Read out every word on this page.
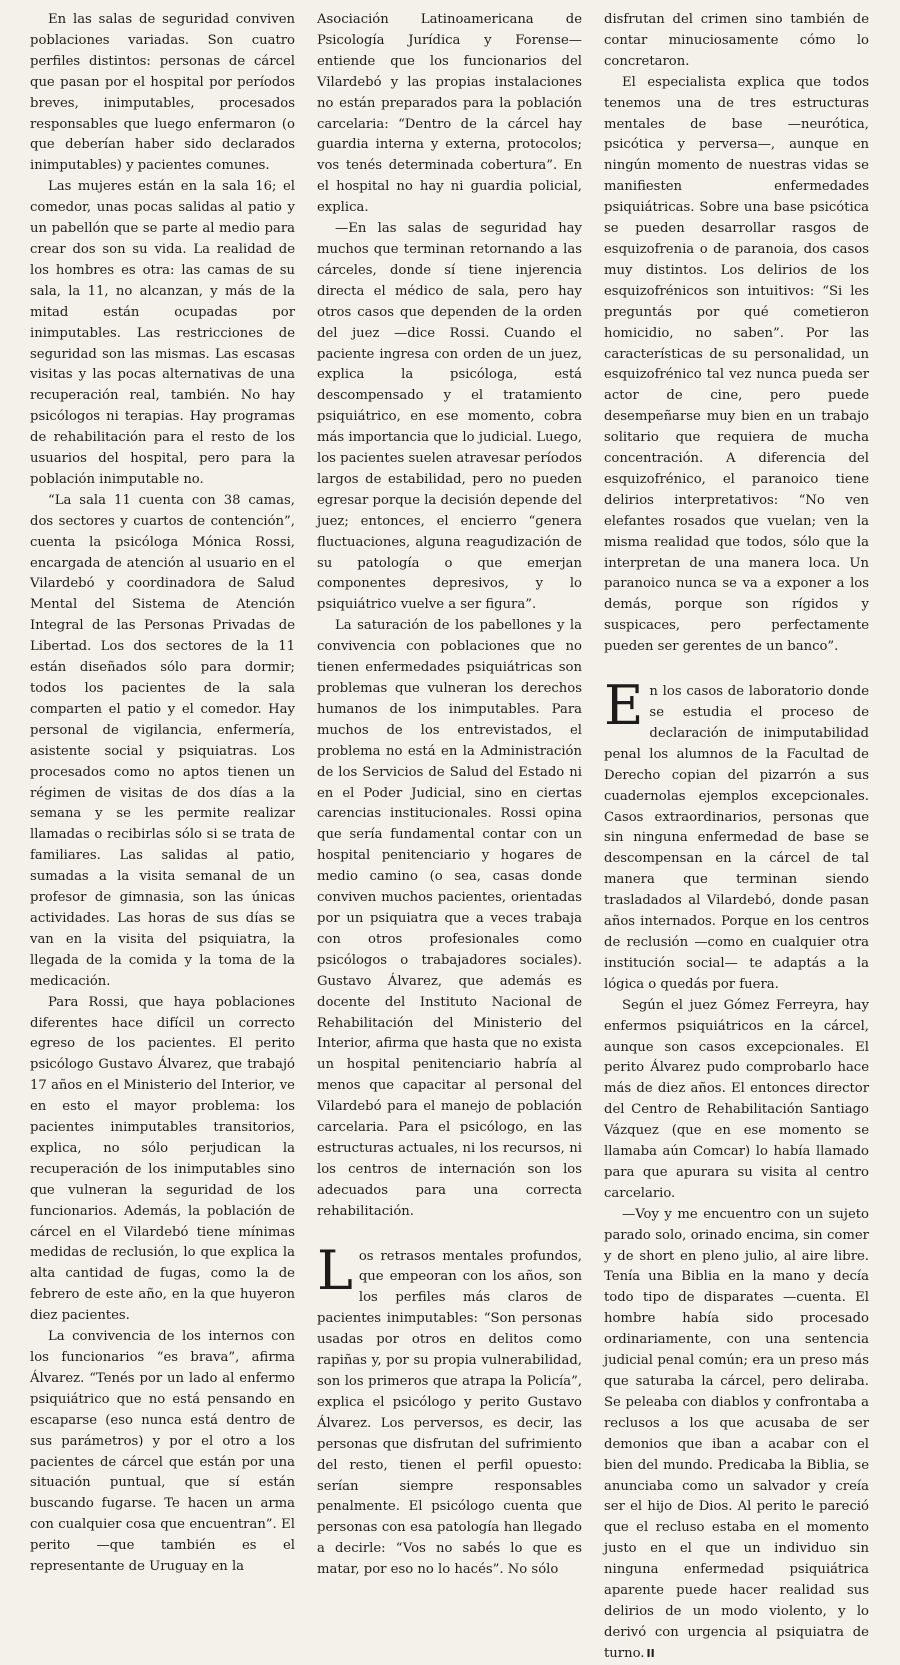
En las salas de seguridad conviven poblaciones variadas. Son cuatro perfiles distintos: personas de cárcel que pasan por el hospital por períodos breves, inimputables, procesados responsables que luego enfermaron (o que deberían haber sido declarados inimputables) y pacientes comunes.

Las mujeres están en la sala 16; el comedor, unas pocas salidas al patio y un pabellón que se parte al medio para crear dos son su vida. La realidad de los hombres es otra: las camas de su sala, la 11, no alcanzan, y más de la mitad están ocupadas por inimputables. Las restricciones de seguridad son las mismas. Las escasas visitas y las pocas alternativas de una recuperación real, también. No hay psicólogos ni terapias. Hay programas de rehabilitación para el resto de los usuarios del hospital, pero para la población inimputable no.

“La sala 11 cuenta con 38 camas, dos sectores y cuartos de contención”, cuenta la psicóloga Mónica Rossi, encargada de atención al usuario en el Vilardebó y coordinadora de Salud Mental del Sistema de Atención Integral de las Personas Privadas de Libertad. Los dos sectores de la 11 están diseñados sólo para dormir; todos los pacientes de la sala comparten el patio y el comedor. Hay personal de vigilancia, enfermería, asistente social y psiquiatras. Los procesados como no aptos tienen un régimen de visitas de dos días a la semana y se les permite realizar llamadas o recibirlas sólo si se trata de familiares. Las salidas al patio, sumadas a la visita semanal de un profesor de gimnasia, son las únicas actividades. Las horas de sus días se van en la visita del psiquiatra, la llegada de la comida y la toma de la medicación.

Para Rossi, que haya poblaciones diferentes hace difícil un correcto egreso de los pacientes. El perito psicólogo Gustavo Álvarez, que trabajó 17 años en el Ministerio del Interior, ve en esto el mayor problema: los pacientes inimputables transitorios, explica, no sólo perjudican la recuperación de los inimputables sino que vulneran la seguridad de los funcionarios. Además, la población de cárcel en el Vilardebó tiene mínimas medidas de reclusión, lo que explica la alta cantidad de fugas, como la de febrero de este año, en la que huyeron diez pacientes.

La convivencia de los internos con los funcionarios “es brava”, afirma Álvarez. “Tenés por un lado al enfermo psiquiátrico que no está pensando en escaparse (eso nunca está dentro de sus parámetros) y por el otro a los pacientes de cárcel que están por una situación puntual, que sí están buscando fugarse. Te hacen un arma con cualquier cosa que encuentran”. El perito —que también es el representante de Uruguay en la

Asociación Latinoamericana de Psicología Jurídica y Forense— entiende que los funcionarios del Vilardebó y las propias instalaciones no están preparados para la población carcelaria: “Dentro de la cárcel hay guardia interna y externa, protocolos; vos tenés determinada cobertura”. En el hospital no hay ni guardia policial, explica.

—En las salas de seguridad hay muchos que terminan retornando a las cárceles, donde sí tiene injerencia directa el médico de sala, pero hay otros casos que dependen de la orden del juez —dice Rossi. Cuando el paciente ingresa con orden de un juez, explica la psicóloga, está descompensado y el tratamiento psiquiátrico, en ese momento, cobra más importancia que lo judicial. Luego, los pacientes suelen atravesar períodos largos de estabilidad, pero no pueden egresar porque la decisión depende del juez; entonces, el encierro “genera fluctuaciones, alguna reagudización de su patología o que emerjan componentes depresivos, y lo psiquiátrico vuelve a ser figura”.

La saturación de los pabellones y la convivencia con poblaciones que no tienen enfermedades psiquiátricas son problemas que vulneran los derechos humanos de los inimputables. Para muchos de los entrevistados, el problema no está en la Administración de los Servicios de Salud del Estado ni en el Poder Judicial, sino en ciertas carencias institucionales. Rossi opina que sería fundamental contar con un hospital penitenciario y hogares de medio camino (o sea, casas donde conviven muchos pacientes, orientadas por un psiquiatra que a veces trabaja con otros profesionales como psicólogos o trabajadores sociales). Gustavo Álvarez, que además es docente del Instituto Nacional de Rehabilitación del Ministerio del Interior, afirma que hasta que no exista un hospital penitenciario habría al menos que capacitar al personal del Vilardebó para el manejo de población carcelaria. Para el psicólogo, en las estructuras actuales, ni los recursos, ni los centros de internación son los adecuados para una correcta rehabilitación.

Los retrasos mentales profundos, que empeoran con los años, son los perfiles más claros de pacientes inimputables: “Son personas usadas por otros en delitos como rapiñas y, por su propia vulnerabilidad, son los primeros que atrapa la Policía”, explica el psicólogo y perito Gustavo Álvarez. Los perversos, es decir, las personas que disfrutan del sufrimiento del resto, tienen el perfil opuesto: serían siempre responsables penalmente. El psicólogo cuenta que personas con esa patología han llegado a decirle: “Vos no sabés lo que es matar, por eso no lo hacés”. No sólo

disfrutan del crimen sino también de contar minuciosamente cómo lo concretaron.

El especialista explica que todos tenemos una de tres estructuras mentales de base —neurótica, psicótica y perversa—, aunque en ningún momento de nuestras vidas se manifiesten enfermedades psiquiátricas. Sobre una base psicótica se pueden desarrollar rasgos de esquizofrenia o de paranoia, dos casos muy distintos. Los delirios de los esquizofrénicos son intuitivos: “Si les preguntás por qué cometieron homicidio, no saben”. Por las características de su personalidad, un esquizofrénico tal vez nunca pueda ser actor de cine, pero puede desempeñarse muy bien en un trabajo solitario que requiera de mucha concentración. A diferencia del esquizofrénico, el paranoico tiene delirios interpretativos: “No ven elefantes rosados que vuelan; ven la misma realidad que todos, sólo que la interpretan de una manera loca. Un paranoico nunca se va a exponer a los demás, porque son rígidos y suspicaces, pero perfectamente pueden ser gerentes de un banco”.

En los casos de laboratorio donde se estudia el proceso de declaración de inimputabilidad penal los alumnos de la Facultad de Derecho copian del pizarrón a sus cuadernolas ejemplos excepcionales. Casos extraordinarios, personas que sin ninguna enfermedad de base se descompensan en la cárcel de tal manera que terminan siendo trasladados al Vilardebó, donde pasan años internados. Porque en los centros de reclusión —como en cualquier otra institución social— te adaptás a la lógica o quedás por fuera.

Según el juez Gómez Ferreyra, hay enfermos psiquiátricos en la cárcel, aunque son casos excepcionales. El perito Álvarez pudo comprobarlo hace más de diez años. El entonces director del Centro de Rehabilitación Santiago Vázquez (que en ese momento se llamaba aún Comcar) lo había llamado para que apurara su visita al centro carcelario.

—Voy y me encuentro con un sujeto parado solo, orinado encima, sin comer y de short en pleno julio, al aire libre. Tenía una Biblia en la mano y decía todo tipo de disparates —cuenta. El hombre había sido procesado ordinariamente, con una sentencia judicial penal común; era un preso más que saturaba la cárcel, pero deliraba. Se peleaba con diablos y confrontaba a reclusos a los que acusaba de ser demonios que iban a acabar con el bien del mundo. Predicaba la Biblia, se anunciaba como un salvador y creía ser el hijo de Dios. Al perito le pareció que el recluso estaba en el momento justo en el que un individuo sin ninguna enfermedad psiquiátrica aparente puede hacer realidad sus delirios de un modo violento, y lo derivó con urgencia al psiquiatra de turno. II
